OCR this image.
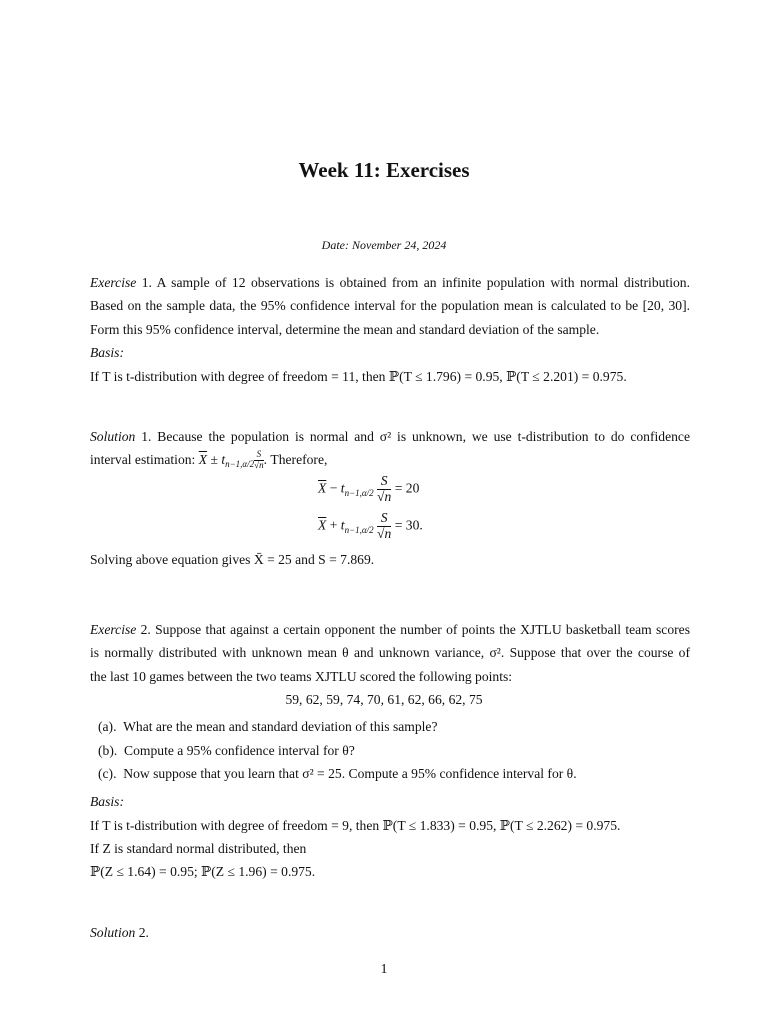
Week 11: Exercises
Date: November 24, 2024
Exercise 1. A sample of 12 observations is obtained from an infinite population with normal distribution.
Based on the sample data, the 95% confidence interval for the population mean is calculated to be [20, 30].
Form this 95% confidence interval, determine the mean and standard deviation of the sample.
Basis:
If T is t-distribution with degree of freedom = 11, then ℙ(T ≤ 1.796) = 0.95, ℙ(T ≤ 2.201) = 0.975.
Solution 1. Because the population is normal and σ² is unknown, we use t-distribution to do confidence
interval estimation: $\overline{X} \pm t_{n-1,\alpha/2} \frac{S}{√n}$ . Therefore,
$\overline{X} - t_{n-1,\alpha/2} \frac{S}{√n} = 20$
$\overline{X} + t_{n-1,\alpha/2} \frac{S}{√n} = 30$.
Solving above equation gives X̄ = 25 and S = 7.869.
Exercise 2. Suppose that against a certain opponent the number of points the XJTLU basketball team scores
is normally distributed with unknown mean θ and unknown variance, σ². Suppose that over the course of
the last 10 games between the two teams XJTLU scored the following points:
59, 62, 59, 74, 70, 61, 62, 66, 62, 75
(a). What are the mean and standard deviation of this sample?
(b). Compute a 95% confidence interval for θ?
(c). Now suppose that you learn that σ² = 25. Compute a 95% confidence interval for θ.
Basis:
If T is t-distribution with degree of freedom = 9, then ℙ(T ≤ 1.833) = 0.95, ℙ(T ≤ 2.262) = 0.975.
If Z is standard normal distributed, then
ℙ(Z ≤ 1.64) = 0.95; ℙ(Z ≤ 1.96) = 0.975.
Solution 2.
1
